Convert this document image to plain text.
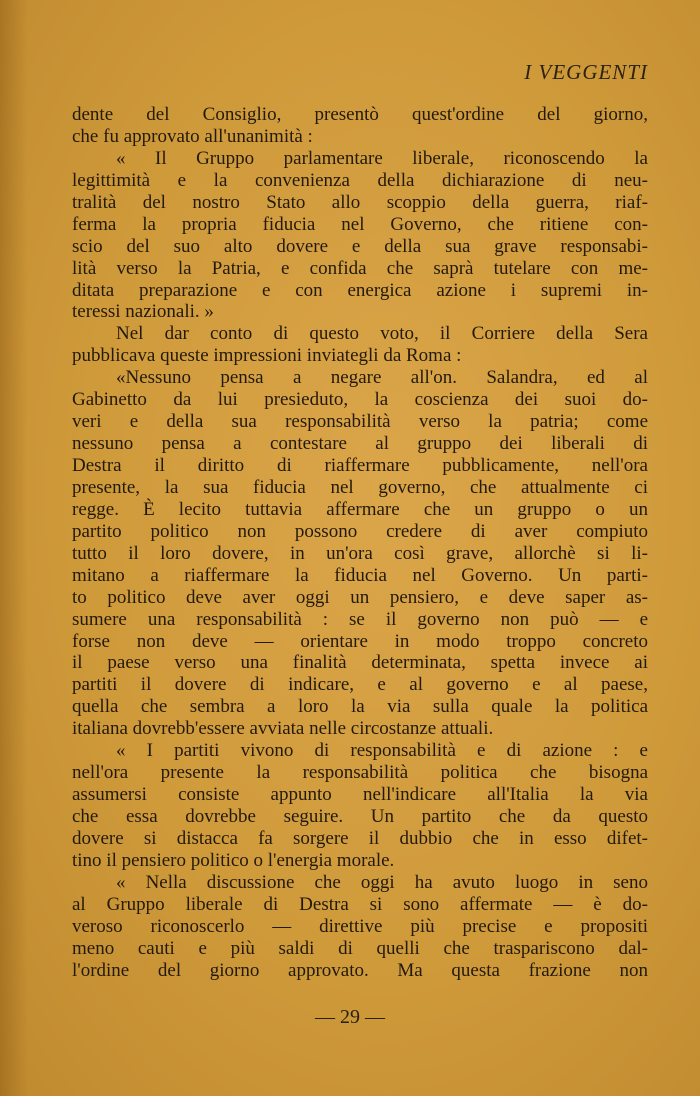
I VEGGENTI
dente del Consiglio, presentò quest'ordine del giorno,
che fu approvato all'unanimità :
« Il Gruppo parlamentare liberale, riconoscendo la
legittimità e la convenienza della dichiarazione di neu-
tralità del nostro Stato allo scoppio della guerra, riaf-
ferma la propria fiducia nel Governo, che ritiene con-
scio del suo alto dovere e della sua grave responsabi-
lità verso la Patria, e confida che saprà tutelare con me-
ditata preparazione e con energica azione i supremi in-
teressi nazionali. »
Nel dar conto di questo voto, il Corriere della Sera
pubblicava queste impressioni inviategli da Roma :
«Nessuno pensa a negare all'on. Salandra, ed al
Gabinetto da lui presieduto, la coscienza dei suoi do-
veri e della sua responsabilità verso la patria; come
nessuno pensa a contestare al gruppo dei liberali di
Destra il diritto di riaffermare pubblicamente, nell'ora
presente, la sua fiducia nel governo, che attualmente ci
regge. È lecito tuttavia affermare che un gruppo o un
partito politico non possono credere di aver compiuto
tutto il loro dovere, in un'ora così grave, allorchè si li-
mitano a riaffermare la fiducia nel Governo. Un parti-
to politico deve aver oggi un pensiero, e deve saper as-
sumere una responsabilità : se il governo non può — e
forse non deve — orientare in modo troppo concreto
il paese verso una finalità determinata, spetta invece ai
partiti il dovere di indicare, e al governo e al paese,
quella che sembra a loro la via sulla quale la politica
italiana dovrebb'essere avviata nelle circostanze attuali.
« I partiti vivono di responsabilità e di azione : e
nell'ora presente la responsabilità politica che bisogna
assumersi consiste appunto nell'indicare all'Italia la via
che essa dovrebbe seguire. Un partito che da questo
dovere si distacca fa sorgere il dubbio che in esso difet-
tino il pensiero politico o l'energia morale.
« Nella discussione che oggi ha avuto luogo in seno
al Gruppo liberale di Destra si sono affermate — è do-
veroso riconoscerlo — direttive più precise e propositi
meno cauti e più saldi di quelli che traspariscono dal-
l'ordine del giorno approvato. Ma questa frazione non
— 29 —
